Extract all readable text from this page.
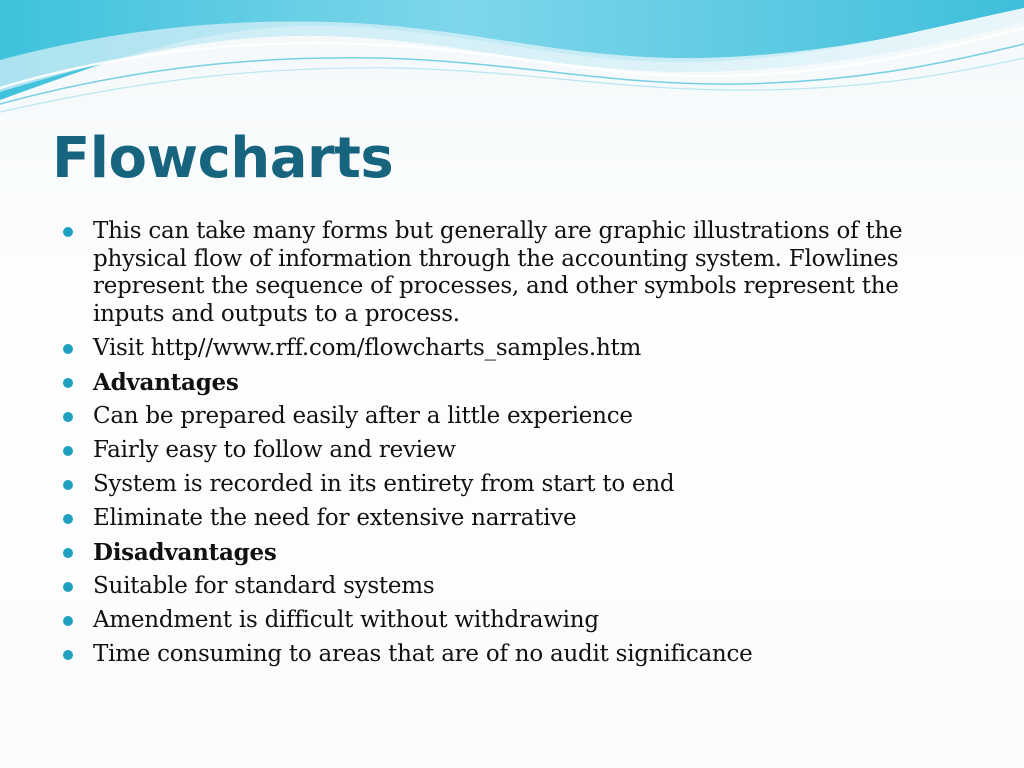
Flowcharts
This can take many forms but generally are graphic illustrations of the physical flow of information through the accounting system. Flowlines represent the sequence of processes, and other symbols represent the inputs and outputs to a process.
Visit http//www.rff.com/flowcharts_samples.htm
Advantages
Can be prepared easily after a little experience
Fairly easy to follow and review
System is recorded in its entirety from start to end
Eliminate the need for extensive narrative
Disadvantages
Suitable for standard systems
Amendment is difficult without withdrawing
Time consuming to areas that are of no audit significance
